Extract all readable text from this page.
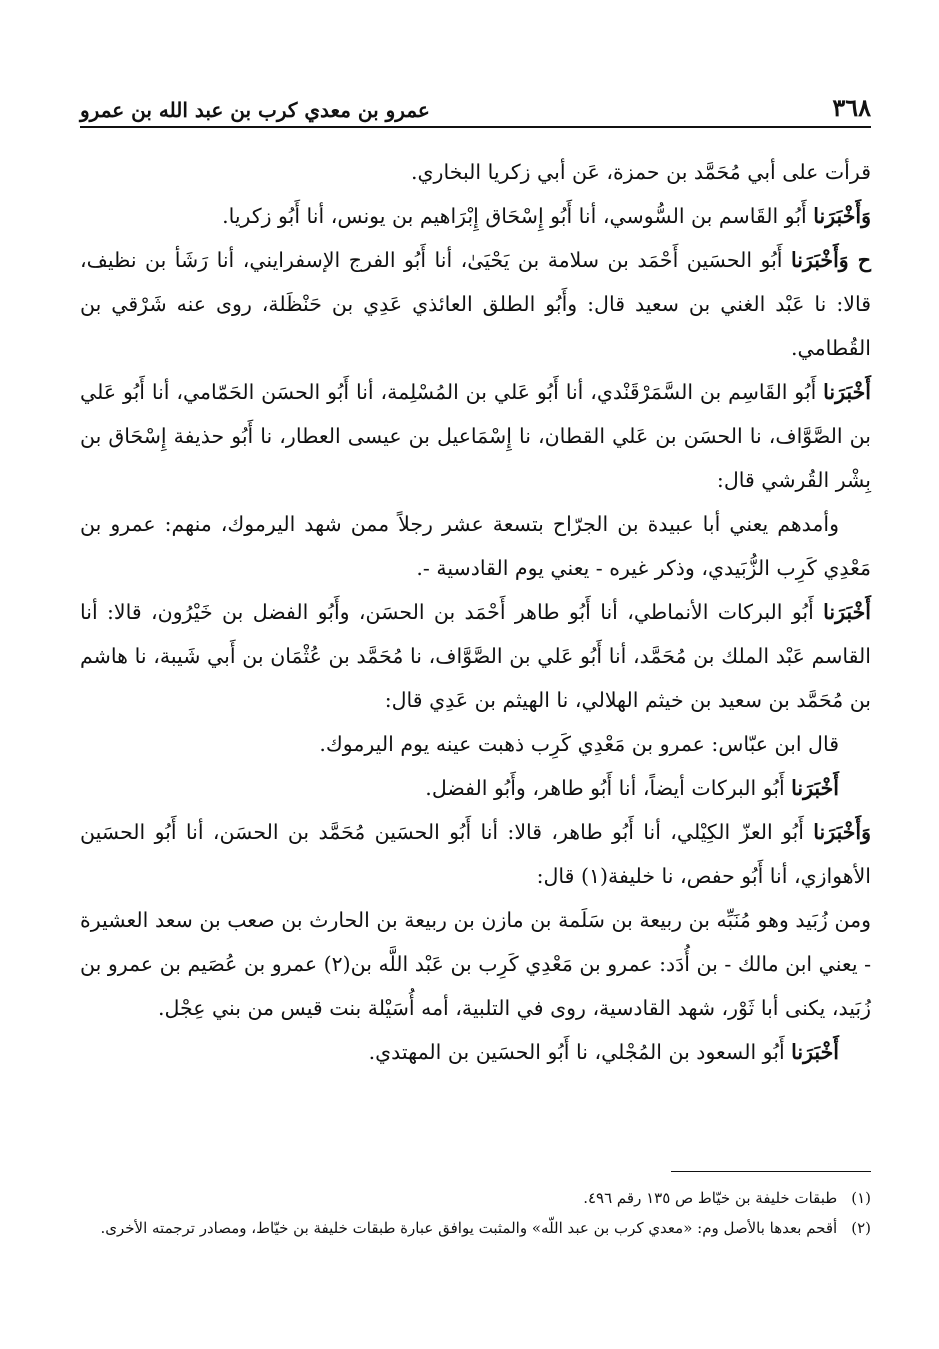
٣٦٨
عمرو بن معدي كرب بن عبد الله بن عمرو

قرأت على أبي مُحَمَّد بن حمزة، عَن أبي زكريا البخاري.

وَأَخْبَرَنا أَبُو القَاسم بن السُّوسي، أنا أَبُو إِسْحَاق إِبْرَاهيم بن يونس، أنا أَبُو زكريا.

ح وَأَخْبَرَنا أَبُو الحسَين أَحْمَد بن سلامة بن يَحْيَىٰ، أنا أَبُو الفرج الإسفرايني، أنا رَشَأ بن نظيف، قالا: نا عَبْد الغني بن سعيد قال: وأَبُو الطلق العائذي عَدِي بن حَنْظَلة، روى عنه شَرْقي بن القُطامي.

أَخْبَرَنا أَبُو القَاسِم بن السَّمَرْقَنْدي، أنا أَبُو عَلي بن المُسْلِمة، أنا أَبُو الحسَن الحَمّامي، أنا أَبُو عَلي بن الصَّوَّاف، نا الحسَن بن عَلي القطان، نا إِسْمَاعيل بن عيسى العطار، نا أَبُو حذيفة إِسْحَاق بن بِشْر القُرشي قال:

وأمدهم يعني أبا عبيدة بن الجرّاح بتسعة عشر رجلاً ممن شهد اليرموك، منهم: عمرو بن مَعْدِي كَرِب الزُّبَيدي، وذكر غيره - يعني يوم القادسية -.

أَخْبَرَنا أَبُو البركات الأنماطي، أنا أَبُو طاهر أَحْمَد بن الحسَن، وأَبُو الفضل بن خَيْرُون، قالا: أنا القاسم عَبْد الملك بن مُحَمَّد، أنا أَبُو عَلي بن الصَّوَّاف، نا مُحَمَّد بن عُثْمَان بن أَبي شَيبة، نا هاشم بن مُحَمَّد بن سعيد بن خيثم الهلالي، نا الهيثم بن عَدِي قال:

قال ابن عبّاس: عمرو بن مَعْدِي كَرِب ذهبت عينه يوم اليرموك.

أَخْبَرَنا أَبُو البركات أيضاً، أنا أَبُو طاهر، وأَبُو الفضل.

وَأَخْبَرَنا أَبُو العزّ الكِيْلي، أنا أَبُو طاهر، قالا: أنا أَبُو الحسَين مُحَمَّد بن الحسَن، أنا أَبُو الحسَين الأهوازي، أنا أَبُو حفص، نا خليفة(١) قال:

ومن زُبَيد وهو مُنَبِّه بن ربيعة بن سَلَمة بن مازن بن ربيعة بن الحارث بن صعب بن سعد العشيرة - يعني ابن مالك - بن أُدَد: عمرو بن مَعْدِي كَرِب بن عَبْد اللَّه بن(٢) عمرو بن عُصَيم بن عمرو بن زُبَيد، يكنى أبا ثَوْر، شهد القادسية، روى في التلبية، أمه أُسَيْلة بنت قيس من بني عِجْل.

أَخْبَرَنا أَبُو السعود بن المُجْلي، نا أَبُو الحسَين بن المهتدي.

(١)طبقات خليفة بن خيّاط ص ١٣٥ رقم ٤٩٦.

(٢)أقحم بعدها بالأصل وم: «معدي كرب بن عبد اللّه» والمثبت يوافق عبارة طبقات خليفة بن خيّاط، ومصادر ترجمته الأخرى.
